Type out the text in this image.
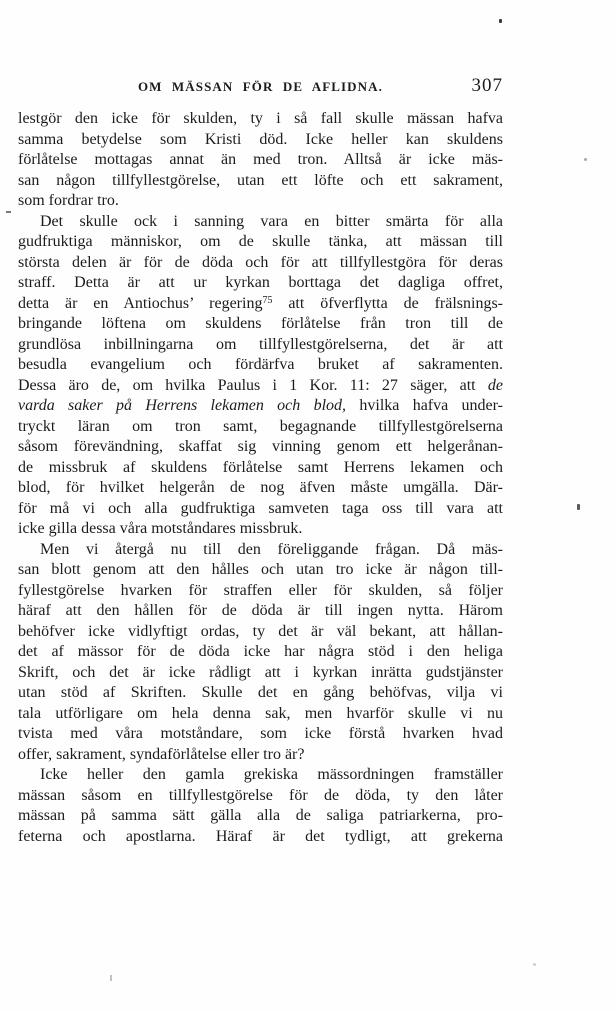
OM MÄSSAN FÖR DE AFLIDNA.	307
lestgör den icke för skulden, ty i så fall skulle mässan hafva
samma betydelse som Kristi död. Icke heller kan skuldens
förlåtelse mottagas annat än med tron. Alltså är icke mäs-
san någon tillfyllestgörelse, utan ett löfte och ett sakrament,
som fordrar tro.
Det skulle ock i sanning vara en bitter smärta för alla
gudfruktiga människor, om de skulle tänka, att mässan till
största delen är för de döda och för att tillfyllestgöra för deras
straff. Detta är att ur kyrkan borttaga det dagliga offret,
detta är en Antiochus’ regering$^{75}$ att öfverflytta de frälsnings-
bringande löftena om skuldens förlåtelse från tron till de
grundlösa inbillningarna om tillfyllestgörelserna, det är att
besudla evangelium och fördärfva bruket af sakramenten.
Dessa äro de, om hvilka Paulus i 1 Kor. 11: 27 säger, att de
varda saker på Herrens lekamen och blod, hvilka hafva under-
tryckt läran om tron samt, begagnande tillfyllestgörelserna
såsom förevändning, skaffat sig vinning genom ett helgerånan-
de missbruk af skuldens förlåtelse samt Herrens lekamen och
blod, för hvilket helgerån de nog äfven måste umgälla. Där-
för må vi och alla gudfruktiga samveten taga oss till vara att
icke gilla dessa våra motståndares missbruk.
Men vi återgå nu till den föreliggande frågan. Då mäs-
san blott genom att den hålles och utan tro icke är någon till-
fyllestgörelse hvarken för straffen eller för skulden, så följer
häraf att den hållen för de döda är till ingen nytta. Härom
behöfver icke vidlyftigt ordas, ty det är väl bekant, att hållan-
det af mässor för de döda icke har några stöd i den heliga
Skrift, och det är icke rådligt att i kyrkan inrätta gudstjänster
utan stöd af Skriften. Skulle det en gång behöfvas, vilja vi
tala utförligare om hela denna sak, men hvarför skulle vi nu
tvista med våra motståndare, som icke förstå hvarken hvad
offer, sakrament, syndaförlåtelse eller tro är?
Icke heller den gamla grekiska mässordningen framställer
mässan såsom en tillfyllestgörelse för de döda, ty den låter
mässan på samma sätt gälla alla de saliga patriarkerna, pro-
feterna och apostlarna. Häraf är det tydligt, att grekerna
